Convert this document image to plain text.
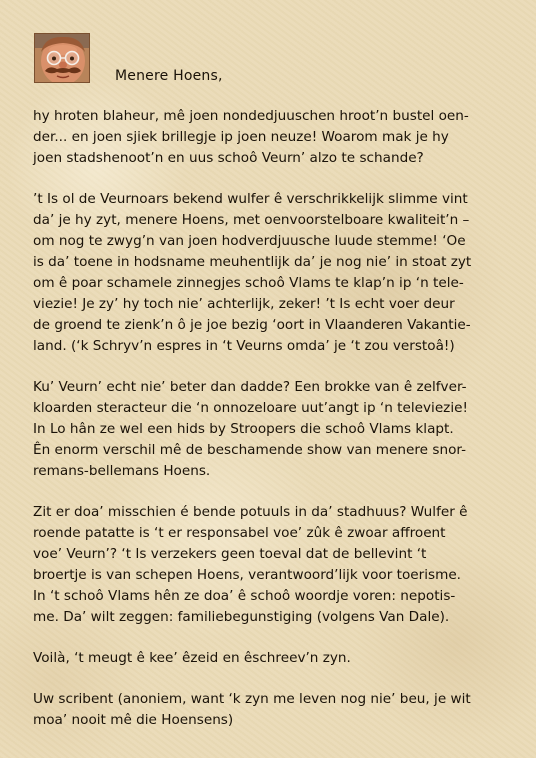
Menere Hoens,

hy hroten blaheur, mê joen nondedjuuschen hroot’n bustel oen-
der... en joen sjiek brillegje ip joen neuze! Woarom mak je hy
joen stadshenoot’n en uus schoô Veurn’ alzo te schande?

’t Is ol de Veurnoars bekend wulfer ê verschrikkelijk slimme vint
da’ je hy zyt, menere Hoens, met oenvoorstelboare kwaliteit’n –
om nog te zwyg’n van joen hodverdjuusche luude stemme! ‘Oe
is da’ toene in hodsname meuhentlijk da’ je nog nie’ in stoat zyt
om ê poar schamele zinnegjes schoô Vlams te klap’n ip ‘n tele-
viezie! Je zy’ hy toch nie’ achterlijk, zeker! ’t Is echt voer deur
de groend te zienk’n ô je joe bezig ‘oort in Vlaanderen Vakantie-
land. (‘k Schryv’n espres in ‘t Veurns omda’ je ‘t zou verstoâ!)

Ku’ Veurn’ echt nie’ beter dan dadde? Een brokke van ê zelfver-
kloarden steracteur die ‘n onnozeloare uut’angt ip ‘n televiezie!
In Lo hân ze wel een hids by Stroopers die schoô Vlams klapt.
Ên enorm verschil mê de beschamende show van menere snor-
remans-bellemans Hoens.

Zit er doa’ misschien é bende potuuls in da’ stadhuus? Wulfer ê
roende patatte is ‘t er responsabel voe’ zûk ê zwoar affroent
voe’ Veurn’? ‘t Is verzekers geen toeval dat de bellevint ‘t
broertje is van schepen Hoens, verantwoord’lijk voor toerisme.
In ‘t schoô Vlams hên ze doa’ ê schoô woordje voren: nepotis-
me. Da’ wilt zeggen: familiebegunstiging (volgens Van Dale).

Voilà, ‘t meugt ê kee’ êzeid en êschreev’n zyn.

Uw scribent (anoniem, want ‘k zyn me leven nog nie’ beu, je wit
moa’ nooit mê die Hoensens)
